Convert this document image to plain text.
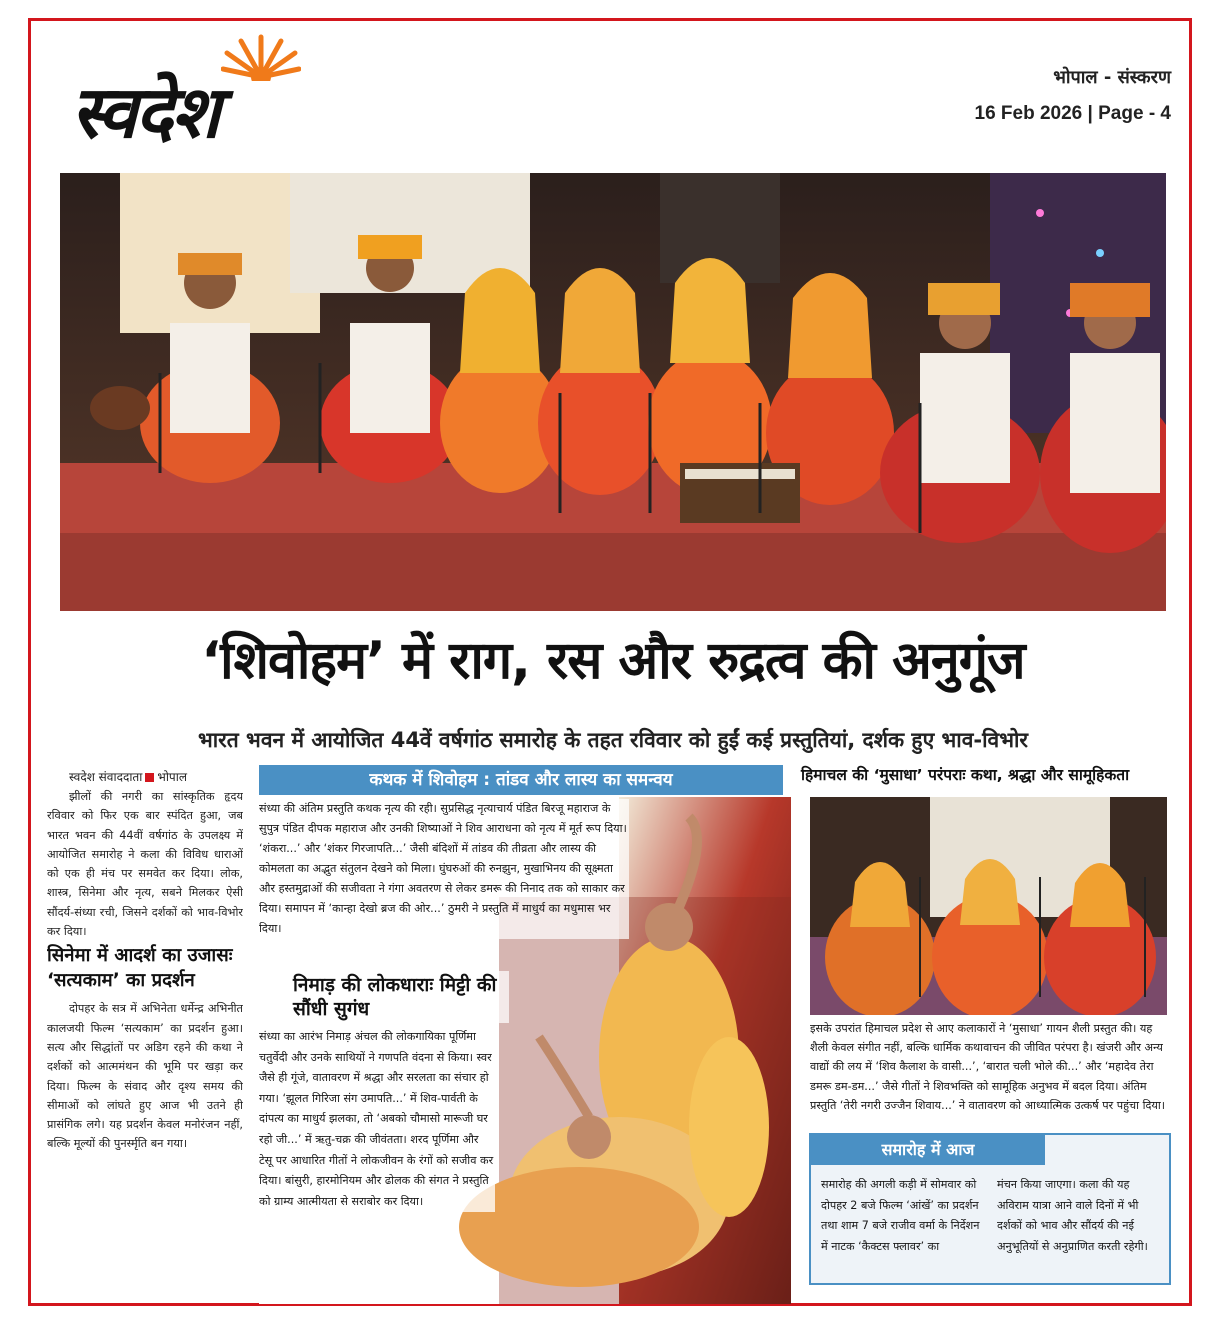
स्वदेश	भोपाल - संस्करण
16 Feb 2026 | Page - 4
‘शिवोहम’ में राग, रस और रुद्रत्व की अनुगूंज
भारत भवन में आयोजित 44वें वर्षगांठ समारोह के तहत रविवार को हुईं कई प्रस्तुतियां, दर्शक हुए भाव-विभोर
स्वदेश संवाददाता भोपाल

झीलों की नगरी का सांस्कृतिक हृदय रविवार को फिर एक बार स्पंदित हुआ, जब भारत भवन की 44वीं वर्षगांठ के उपलक्ष्य में आयोजित समारोह ने कला की विविध धाराओं को एक ही मंच पर समवेत कर दिया। लोक, शास्त्र, सिनेमा और नृत्य, सबने मिलकर ऐसी सौंदर्य-संध्या रची, जिसने दर्शकों को भाव-विभोर कर दिया।

सिनेमा में आदर्श का उजासः ‘सत्यकाम’ का प्रदर्शन

दोपहर के सत्र में अभिनेता धर्मेन्द्र अभिनीत कालजयी फिल्म ‘सत्यकाम’ का प्रदर्शन हुआ। सत्य और सिद्धांतों पर अडिग रहने की कथा ने दर्शकों को आत्ममंथन की भूमि पर खड़ा कर दिया। फिल्म के संवाद और दृश्य समय की सीमाओं को लांघते हुए आज भी उतने ही प्रासंगिक लगे। यह प्रदर्शन केवल मनोरंजन नहीं, बल्कि मूल्यों की पुनर्स्मृति बन गया।

कथक में शिवोहम : तांडव और लास्य का समन्वय
संध्या की अंतिम प्रस्तुति कथक नृत्य की रही। सुप्रसिद्ध नृत्याचार्य पंडित बिरजू महाराज के सुपुत्र पंडित दीपक महाराज और उनकी शिष्याओं ने शिव आराधना को नृत्य में मूर्त रूप दिया। ‘शंकरा...’ और ‘शंकर गिरजापति...’ जैसी बंदिशों में तांडव की तीव्रता और लास्य की कोमलता का अद्भुत संतुलन देखने को मिला। घुंघरुओं की रुनझुन, मुखाभिनय की सूक्ष्मता और हस्तमुद्राओं की सजीवता ने गंगा अवतरण से लेकर डमरू की निनाद तक को साकार कर दिया। समापन में ‘कान्हा देखो ब्रज की ओर...’ ठुमरी ने प्रस्तुति में माधुर्य का मधुमास भर दिया।
निमाड़ की लोकधाराः मिट्टी की सौंधी सुगंध
संध्या का आरंभ निमाड़ अंचल की लोकगायिका पूर्णिमा चतुर्वेदी और उनके साथियों ने गणपति वंदना से किया। स्वर जैसे ही गूंजे, वातावरण में श्रद्धा और सरलता का संचार हो गया। ‘झूलत गिरिजा संग उमापति...’ में शिव-पार्वती के दांपत्य का माधुर्य झलका, तो ‘अबको चौमासो मारूजी घर रहो जी...’ में ऋतु-चक्र की जीवंतता। शरद पूर्णिमा और टेसू पर आधारित गीतों ने लोकजीवन के रंगों को सजीव कर दिया। बांसुरी, हारमोनियम और ढोलक की संगत ने प्रस्तुति को ग्राम्य आत्मीयता से सराबोर कर दिया।
हिमाचल की ‘मुसाधा’ परंपराः कथा, श्रद्धा और सामूहिकता
इसके उपरांत हिमाचल प्रदेश से आए कलाकारों ने ‘मुसाधा’ गायन शैली प्रस्तुत की। यह शैली केवल संगीत नहीं, बल्कि धार्मिक कथावाचन की जीवित परंपरा है। खंजरी और अन्य वाद्यों की लय में ‘शिव कैलाश के वासी...’, ‘बारात चली भोले की...’ और ‘महादेव तेरा डमरू डम-डम...’ जैसे गीतों ने शिवभक्ति को सामूहिक अनुभव में बदल दिया। अंतिम प्रस्तुति ‘तेरी नगरी उज्जैन शिवाय...’ ने वातावरण को आध्यात्मिक उत्कर्ष पर पहुंचा दिया।
समारोह में आज
समारोह की अगली कड़ी में सोमवार को दोपहर 2 बजे फिल्म ‘आंखें’ का प्रदर्शन तथा शाम 7 बजे राजीव वर्मा के निर्देशन में नाटक ‘कैक्टस फ्लावर’ का
मंचन किया जाएगा। कला की यह अविराम यात्रा आने वाले दिनों में भी दर्शकों को भाव और सौंदर्य की नई अनुभूतियों से अनुप्राणित करती रहेगी।
